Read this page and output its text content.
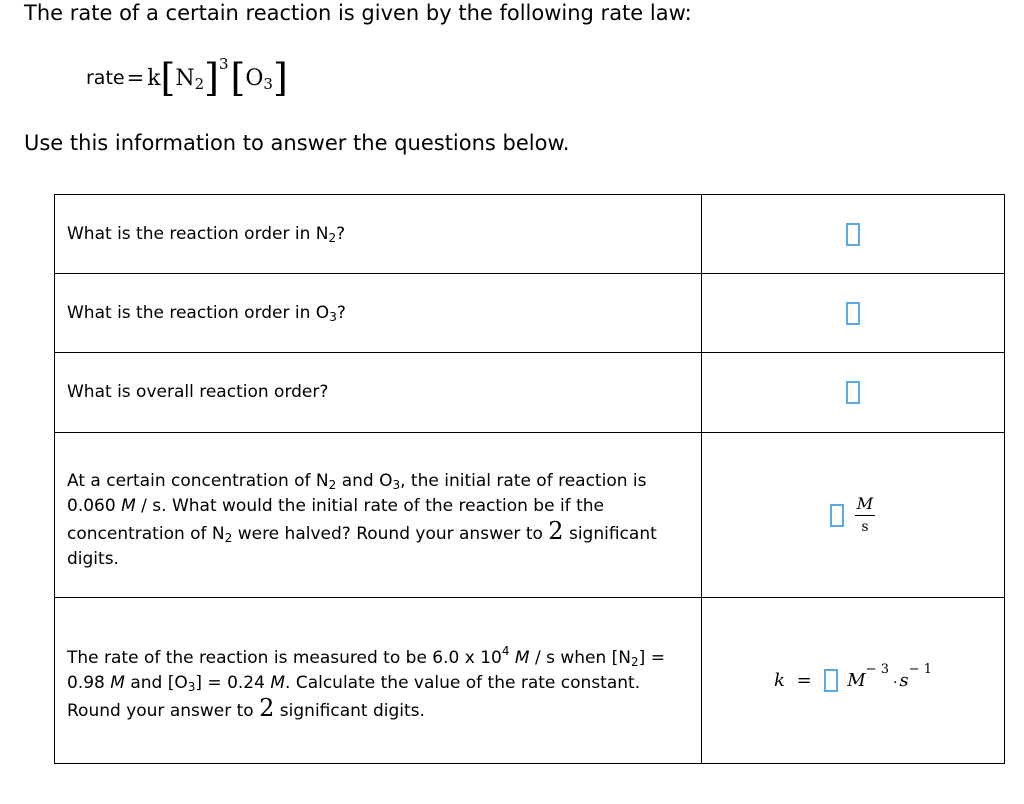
The rate of a certain reaction is given by the following rate law:
rate = k [ $N_2$ ] 3 [ $O_3$ ]
Use this information to answer the questions below.
What is the reaction order in $N_2$?	
What is the reaction order in $O_3$?	
What is overall reaction order?	

At a certain concentration of $N_2$ and $O_3$, the initial rate of reaction is 0.060 M / s. What would the initial rate of the reaction be if the concentration of $N_2$ were halved? Round your answer to 2 significant digits.	$\frac{M}{s}$

The rate of the reaction is measured to be 6.0 x $10^4$ M / s when $[N_2] = 0.98$ M and $[O_3] = 0.24$ M. Calculate the value of the rate constant. Round your answer to 2 significant digits.	$k = M^{- 3}\cdot s^{- 1}$
